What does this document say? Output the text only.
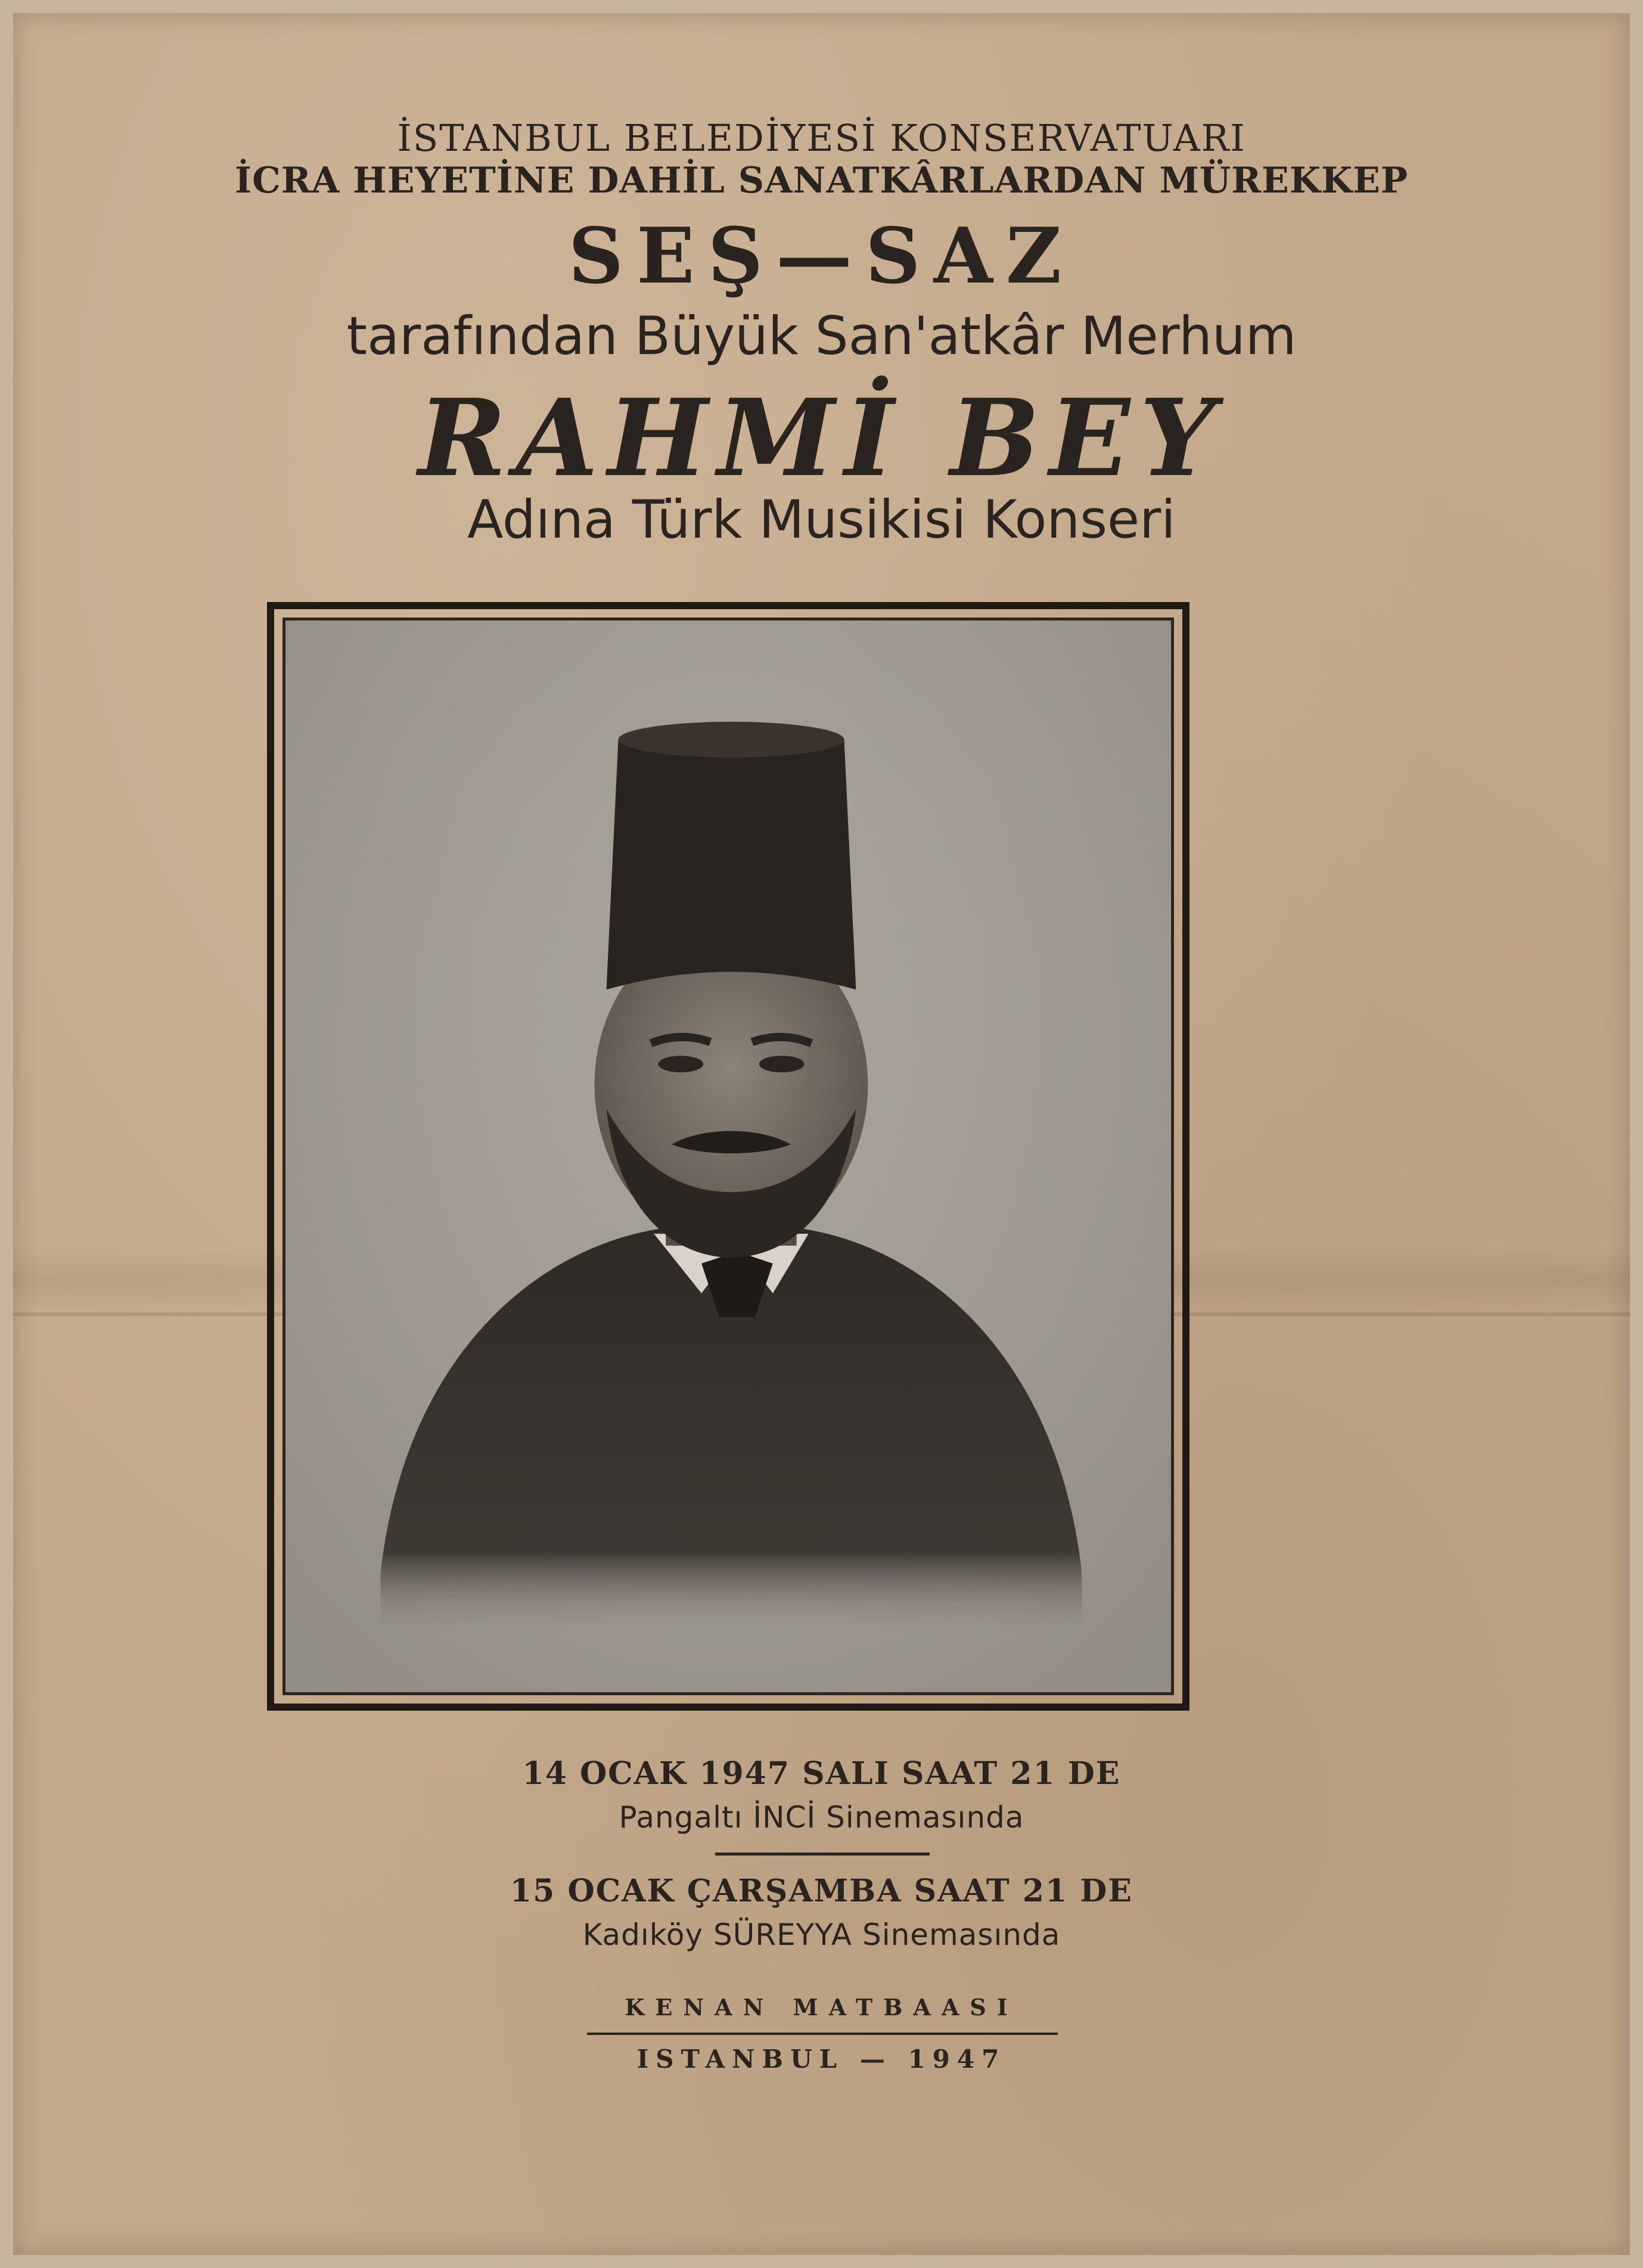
İSTANBUL BELEDİYESİ KONSERVATUARI
İCRA HEYETİNE DAHİL SANATKÂRLARDAN MÜREKKEP
SEŞ—SAZ
tarafından Büyük San'atkâr Merhum
RAHMİ BEY
Adına Türk Musikisi Konseri
14 OCAK 1947 SALI SAAT 21 DE
Pangaltı İNCİ Sinemasında
15 OCAK ÇARŞAMBA SAAT 21 DE
Kadıköy SÜREYYA Sinemasında
KENAN MATBAASI
ISTANBUL — 1947
